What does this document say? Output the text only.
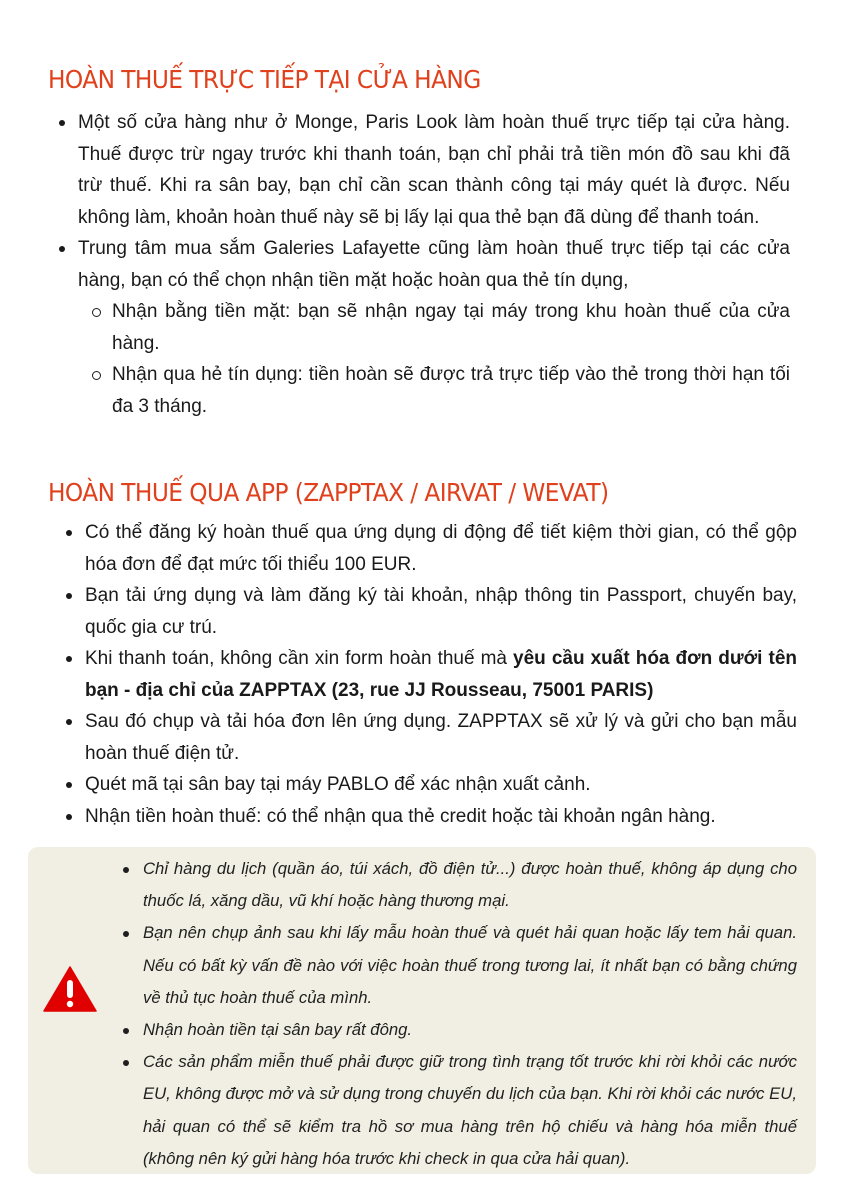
HOÀN THUẾ TRỰC TIẾP TẠI CỬA HÀNG
Một số cửa hàng như ở Monge, Paris Look làm hoàn thuế trực tiếp tại cửa hàng. Thuế được trừ ngay trước khi thanh toán, bạn chỉ phải trả tiền món đồ sau khi đã trừ thuế. Khi ra sân bay, bạn chỉ cần scan thành công tại máy quét là được. Nếu không làm, khoản hoàn thuế này sẽ bị lấy lại qua thẻ bạn đã dùng để thanh toán.
Trung tâm mua sắm Galeries Lafayette cũng làm hoàn thuế trực tiếp tại các cửa hàng, bạn có thể chọn nhận tiền mặt hoặc hoàn qua thẻ tín dụng,
Nhận bằng tiền mặt: bạn sẽ nhận ngay tại máy trong khu hoàn thuế của cửa hàng.
Nhận qua hẻ tín dụng: tiền hoàn sẽ được trả trực tiếp vào thẻ trong thời hạn tối đa 3 tháng.
HOÀN THUẾ QUA APP (ZAPPTAX / AIRVAT / WEVAT)
Có thể đăng ký hoàn thuế qua ứng dụng di động để tiết kiệm thời gian, có thể gộp hóa đơn để đạt mức tối thiểu 100 EUR.
Bạn tải ứng dụng và làm đăng ký tài khoản, nhập thông tin Passport, chuyến bay, quốc gia cư trú.
Khi thanh toán, không cần xin form hoàn thuế mà yêu cầu xuất hóa đơn dưới tên bạn - địa chỉ của ZAPPTAX (23, rue JJ Rousseau, 75001 PARIS)
Sau đó chụp và tải hóa đơn lên ứng dụng. ZAPPTAX sẽ xử lý và gửi cho bạn mẫu hoàn thuế điện tử.
Quét mã tại sân bay tại máy PABLO để xác nhận xuất cảnh.
Nhận tiền hoàn thuế: có thể nhận qua thẻ credit hoặc tài khoản ngân hàng.
Chỉ hàng du lịch (quần áo, túi xách, đồ điện tử...) được hoàn thuế, không áp dụng cho thuốc lá, xăng dầu, vũ khí hoặc hàng thương mại.
Bạn nên chụp ảnh sau khi lấy mẫu hoàn thuế và quét hải quan hoặc lấy tem hải quan. Nếu có bất kỳ vấn đề nào với việc hoàn thuế trong tương lai, ít nhất bạn có bằng chứng về thủ tục hoàn thuế của mình.
Nhận hoàn tiền tại sân bay rất đông.
Các sản phẩm miễn thuế phải được giữ trong tình trạng tốt trước khi rời khỏi các nước EU, không được mở và sử dụng trong chuyến du lịch của bạn. Khi rời khỏi các nước EU, hải quan có thể sẽ kiểm tra hồ sơ mua hàng trên hộ chiếu và hàng hóa miễn thuế (không nên ký gửi hàng hóa trước khi check in qua cửa hải quan).
